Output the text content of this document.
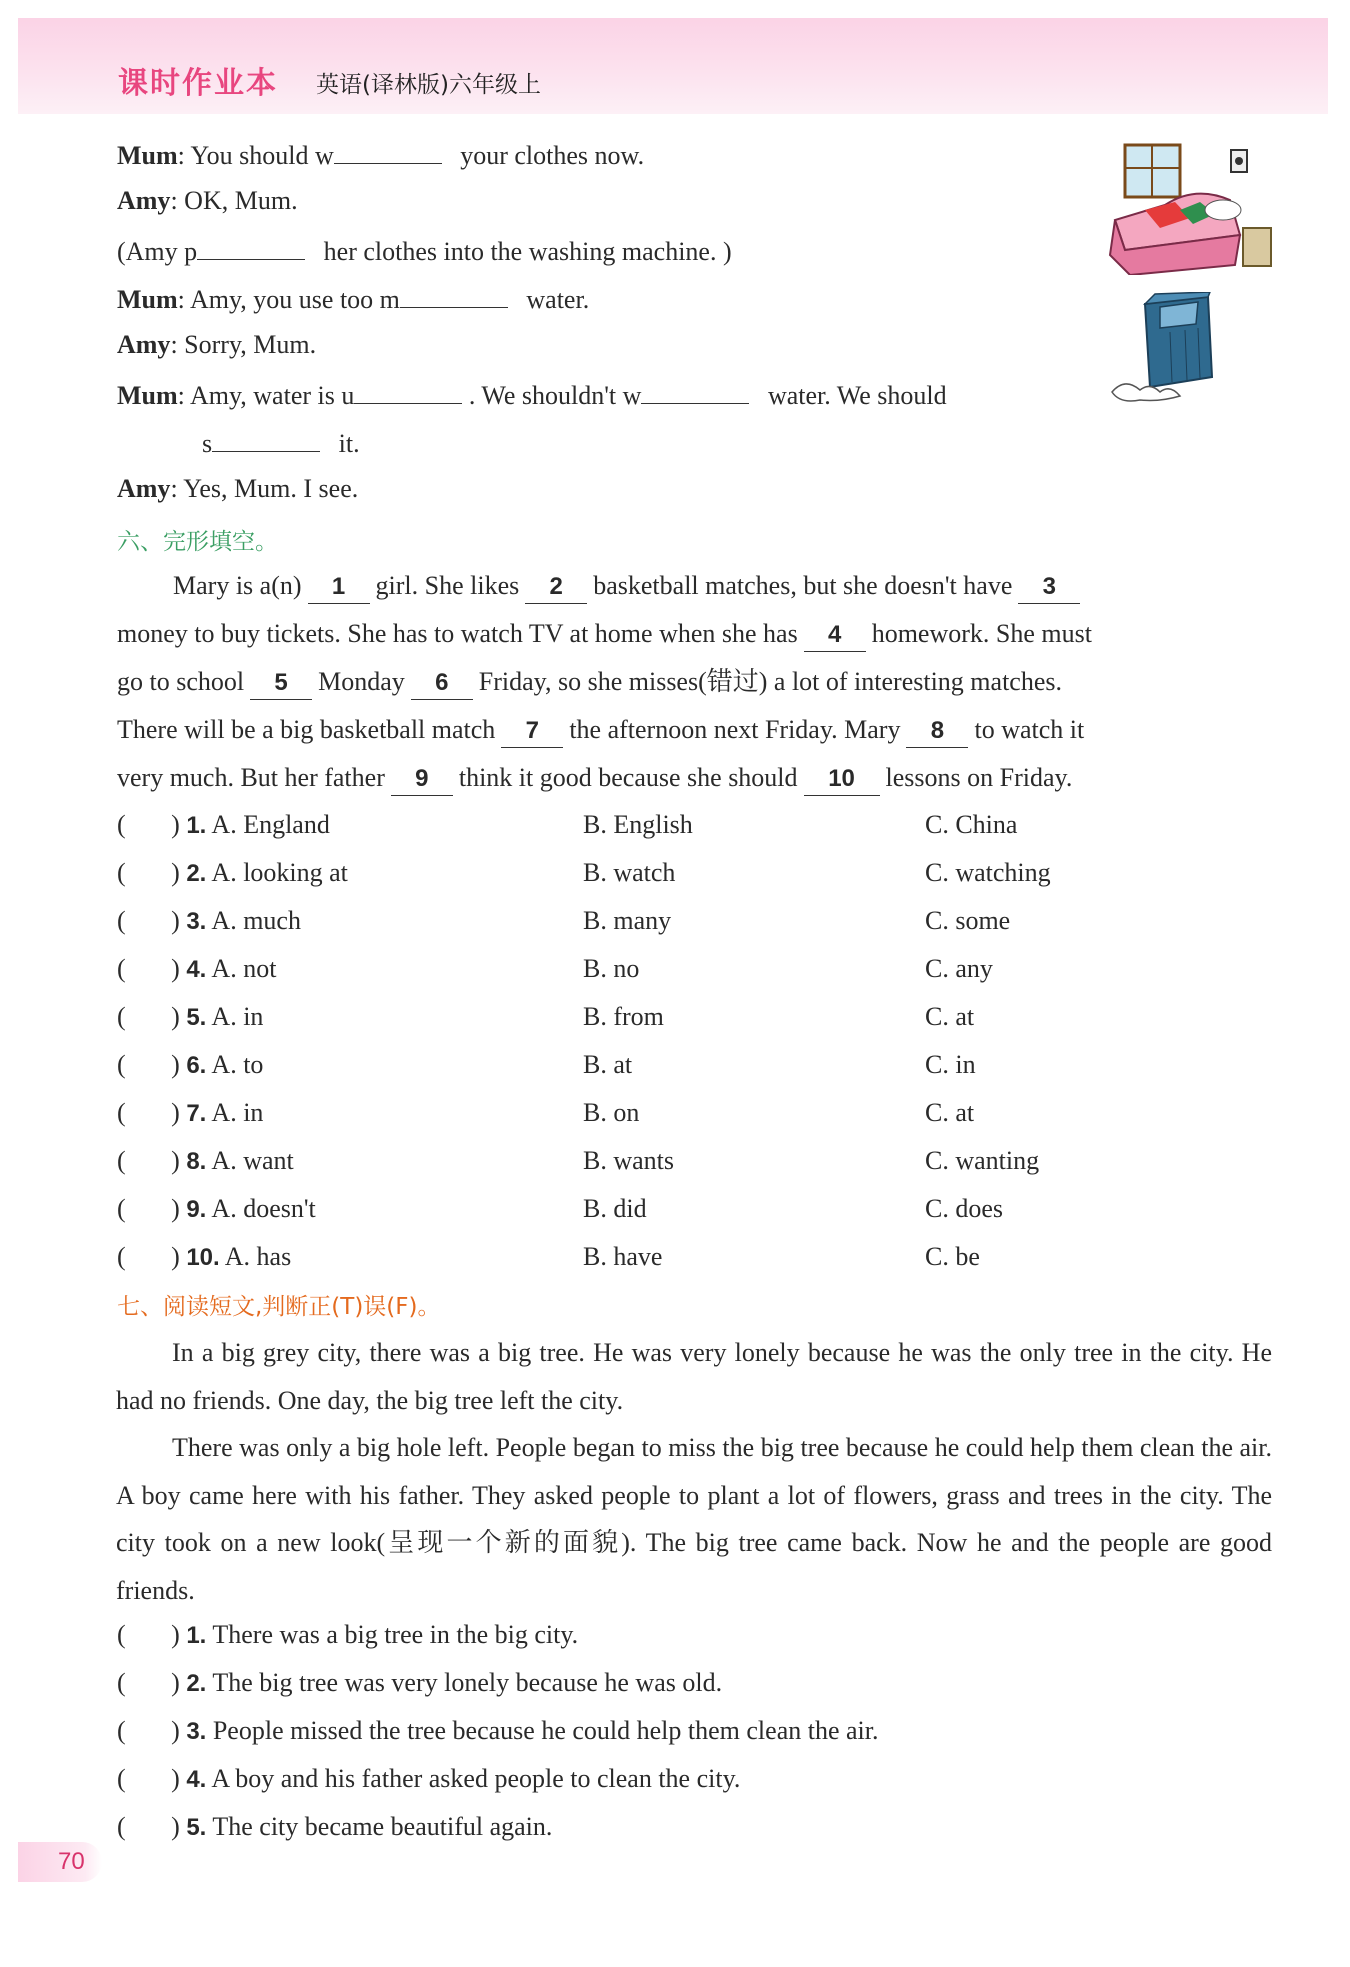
课时作业本 英语(译林版)六年级上
Mum: You should w	your clothes now.
Amy: OK, Mum.
(Amy p	her clothes into the washing machine. )
Mum: Amy, you use too m	water.
Amy: Sorry, Mum.
Mum: Amy, water is u	. We shouldn't w	water. We should
s	it.
Amy: Yes, Mum. I see.
六、完形填空。
Mary is a(n) 1 girl. She likes 2 basketball matches, but she doesn't have 3
money to buy tickets. She has to watch TV at home when she has 4 homework. She must
go to school 5 Monday 6 Friday, so she misses(错过) a lot of interesting matches.
There will be a big basketball match 7 the afternoon next Friday. Mary 8 to watch it
very much. But her father 9 think it good because she should 10 lessons on Friday.
(       ) 1. A. England	B. English	C. China
(       ) 2. A. looking at	B. watch	C. watching
(       ) 3. A. much	B. many	C. some
(       ) 4. A. not	B. no	C. any
(       ) 5. A. in	B. from	C. at
(       ) 6. A. to	B. at	C. in
(       ) 7. A. in	B. on	C. at
(       ) 8. A. want	B. wants	C. wanting
(       ) 9. A. doesn't	B. did	C. does
(       ) 10. A. has	B. have	C. be
七、阅读短文,判断正(T)误(F)。
In a big grey city, there was a big tree. He was very lonely because he was the only tree in the city. He had no friends. One day, the big tree left the city.
There was only a big hole left. People began to miss the big tree because he could help them clean the air. A boy came here with his father. They asked people to plant a lot of flowers, grass and trees in the city. The city took on a new look(呈现一个新的面貌). The big tree came back. Now he and the people are good friends.
(       ) 1. There was a big tree in the big city.
(       ) 2. The big tree was very lonely because he was old.
(       ) 3. People missed the tree because he could help them clean the air.
(       ) 4. A boy and his father asked people to clean the city.
(       ) 5. The city became beautiful again.
70
